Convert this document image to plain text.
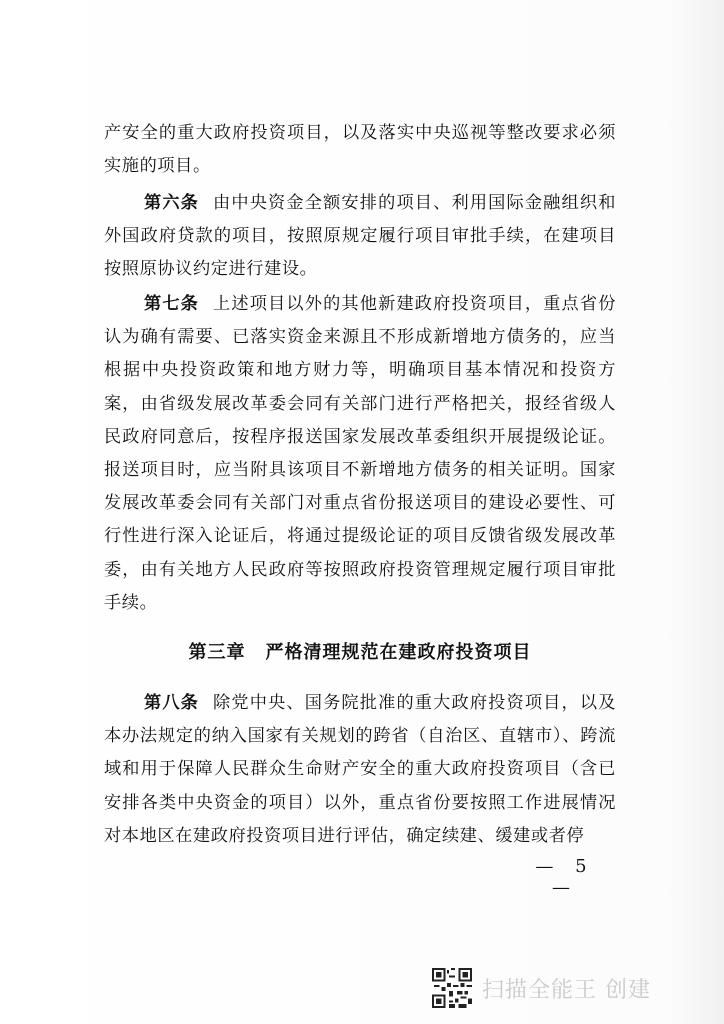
产安全的重大政府投资项目，以及落实中央巡视等整改要求必须实施的项目。

第六条 由中央资金全额安排的项目、利用国际金融组织和外国政府贷款的项目，按照原规定履行项目审批手续，在建项目按照原协议约定进行建设。

第七条 上述项目以外的其他新建政府投资项目，重点省份认为确有需要、已落实资金来源且不形成新增地方债务的，应当根据中央投资政策和地方财力等，明确项目基本情况和投资方案，由省级发展改革委会同有关部门进行严格把关，报经省级人民政府同意后，按程序报送国家发展改革委组织开展提级论证。报送项目时，应当附具该项目不新增地方债务的相关证明。国家发展改革委会同有关部门对重点省份报送项目的建设必要性、可行性进行深入论证后，将通过提级论证的项目反馈省级发展改革委，由有关地方人民政府等按照政府投资管理规定履行项目审批手续。

第三章 严格清理规范在建政府投资项目

第八条 除党中央、国务院批准的重大政府投资项目，以及本办法规定的纳入国家有关规划的跨省（自治区、直辖市）、跨流域和用于保障人民群众生命财产安全的重大政府投资项目（含已安排各类中央资金的项目）以外，重点省份要按照工作进展情况对本地区在建政府投资项目进行评估，确定续建、缓建或者停

— 5 —
扫描全能王 创建
